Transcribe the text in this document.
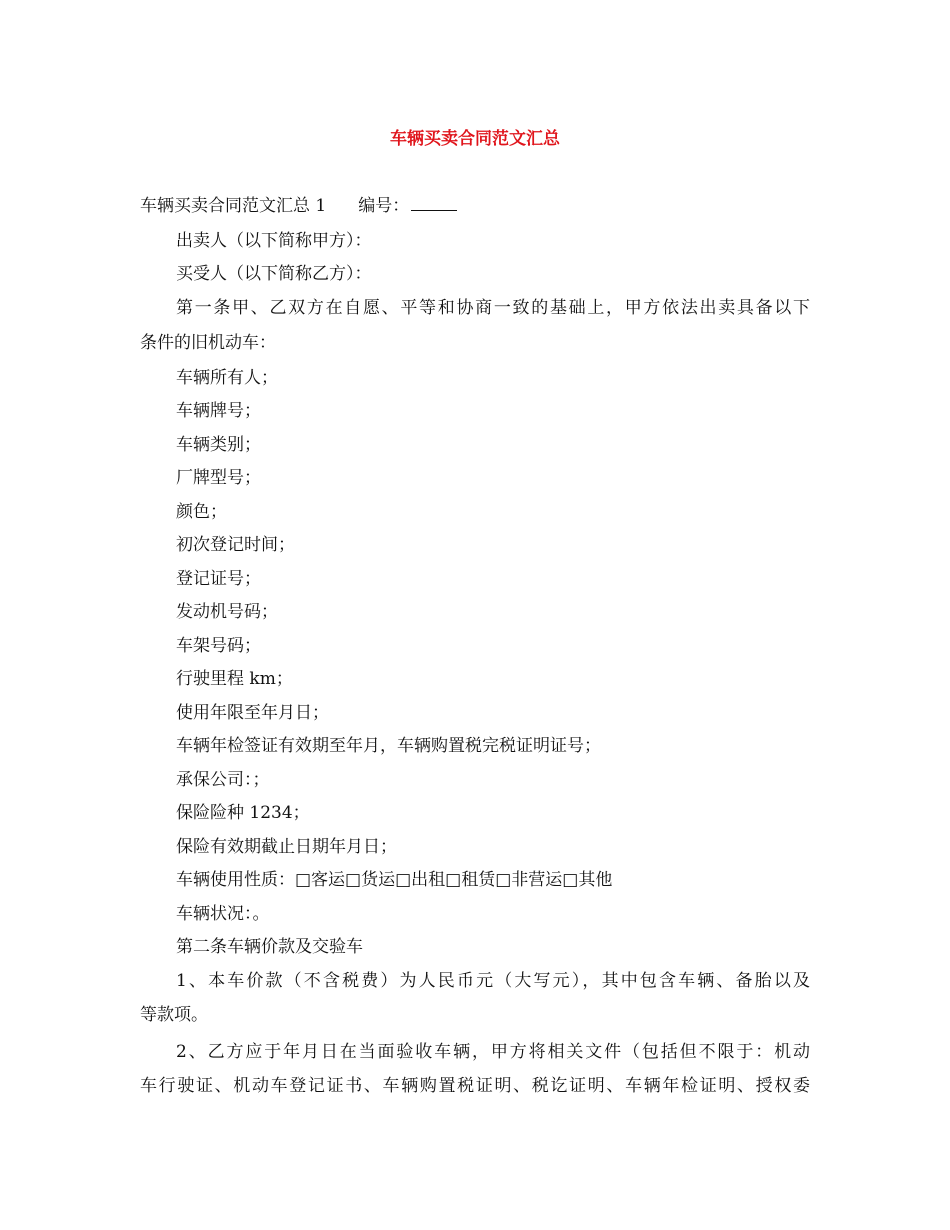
车辆买卖合同范文汇总
车辆买卖合同范文汇总 1 编号：
出卖人（以下简称甲方）：
买受人（以下简称乙方）：
第一条甲、乙双方在自愿、平等和协商一致的基础上，甲方依法出卖具备以下
条件的旧机动车：
车辆所有人；
车辆牌号；
车辆类别；
厂牌型号；
颜色；
初次登记时间；
登记证号；
发动机号码；
车架号码；
行驶里程 km；
使用年限至年月日；
车辆年检签证有效期至年月，车辆购置税完税证明证号；
承保公司：；
保险险种 1234；
保险有效期截止日期年月日；
车辆使用性质：□客运□货运□出租□租赁□非营运□其他
车辆状况：。
第二条车辆价款及交验车
1、本车价款（不含税费）为人民币元（大写元），其中包含车辆、备胎以及
等款项。
2、乙方应于年月日在当面验收车辆，甲方将相关文件（包括但不限于：机动
车行驶证、机动车登记证书、车辆购置税证明、税讫证明、车辆年检证明、授权委
